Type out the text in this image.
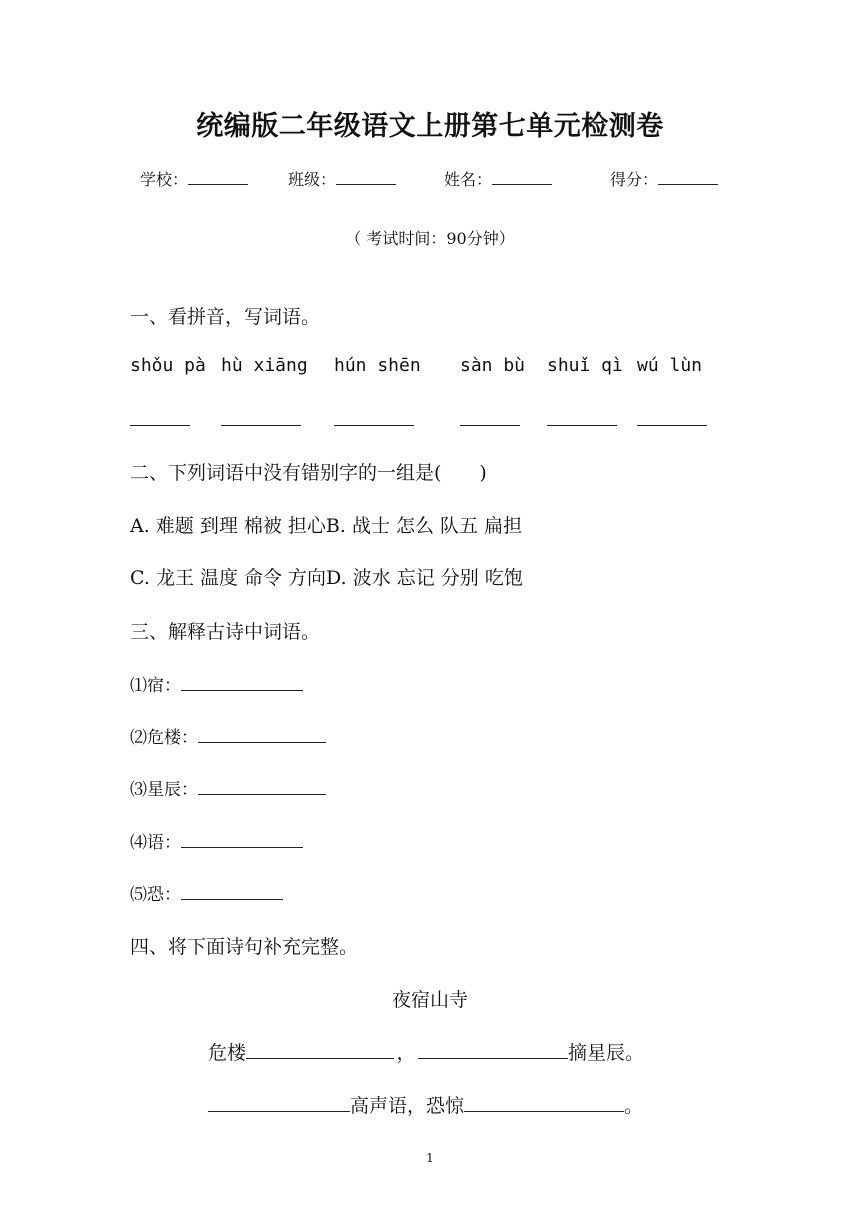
统编版二年级语文上册第七单元检测卷
学校：	班级：	姓名：	得分：
（ 考试时间：90分钟）
一、看拼音，写词语。
shǒu pà hù xiāng hún shēn sàn bù shuǐ qì wú lùn
二、下列词语中没有错别字的一组是(　　)
A. 难题 到理 棉被 担心B. 战士 怎么 队五 扁担
C. 龙王 温度 命令 方向D. 波水 忘记 分别 吃饱
三、解释古诗中词语。
⑴宿：
⑵危楼：
⑶星辰：
⑷语：
⑸恐：
四、将下面诗句补充完整。
夜宿山寺
危楼	，	摘星辰。
高声语，恐惊	。
1
